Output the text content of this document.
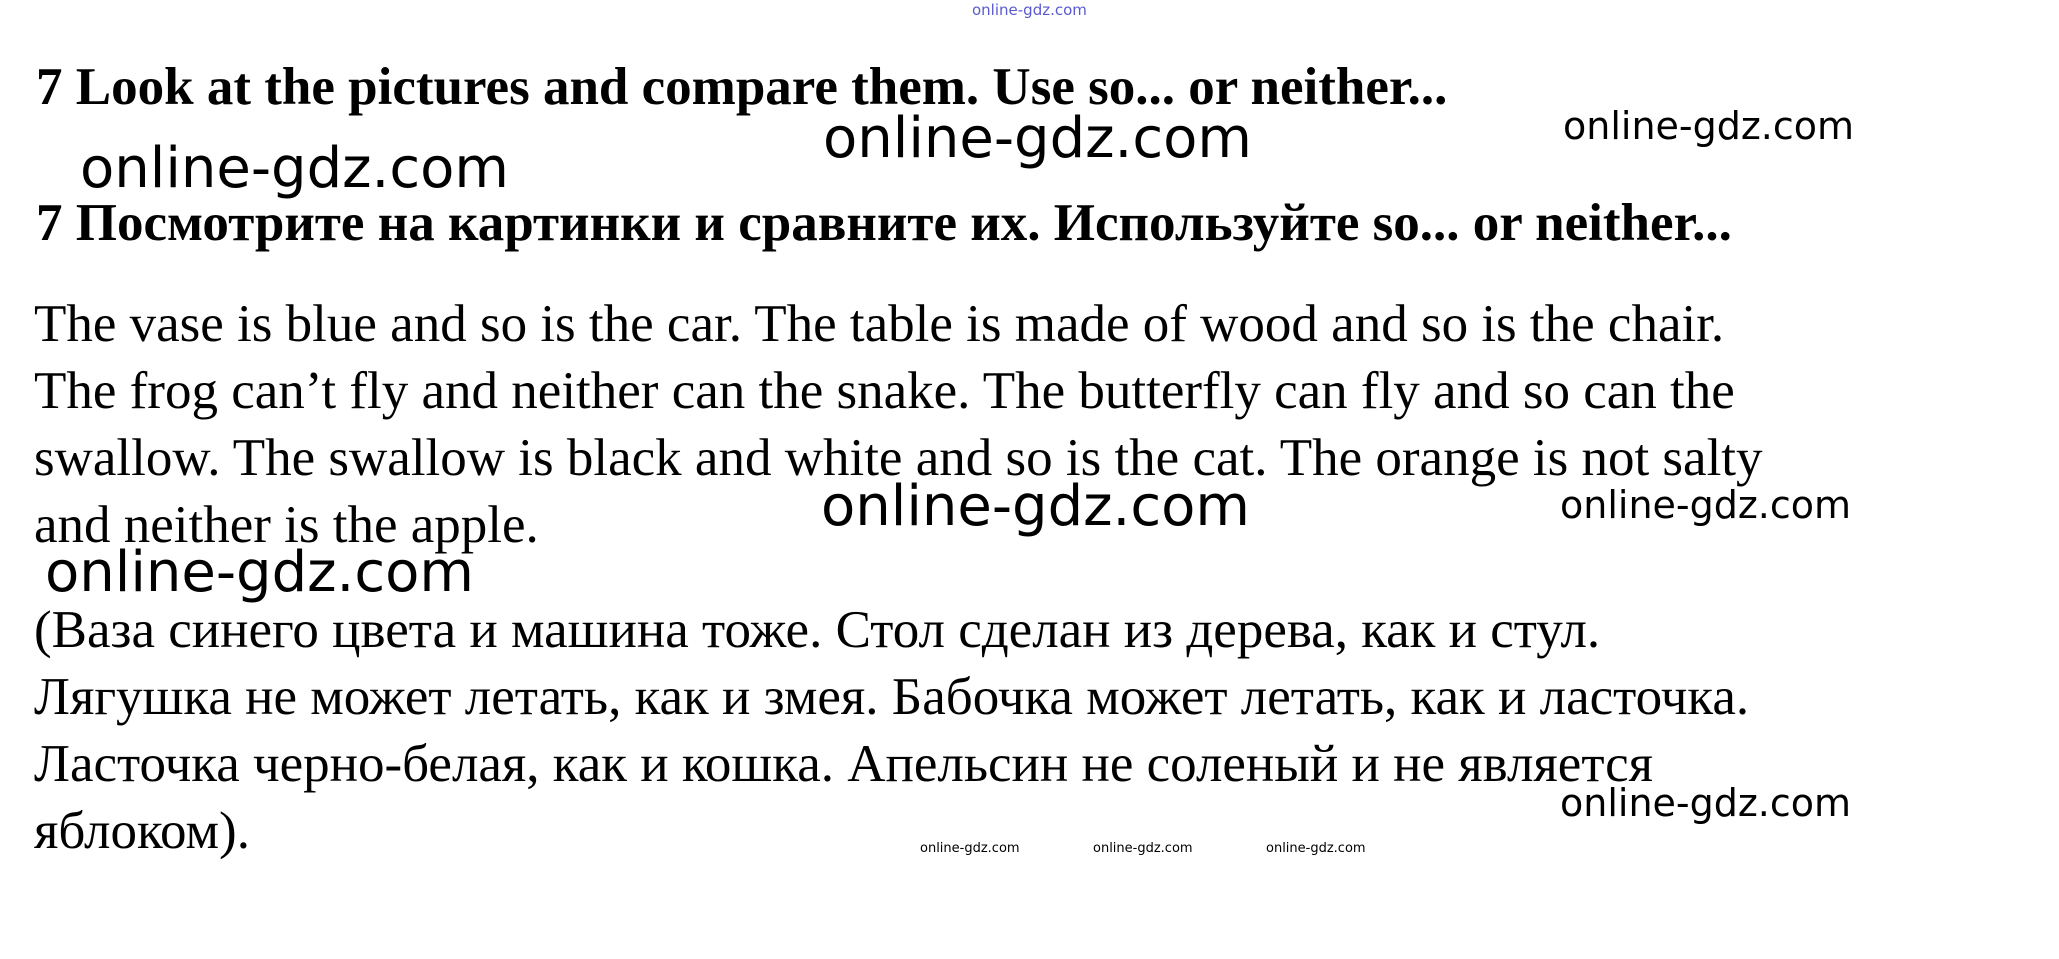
online-gdz.com
online-gdz.com	online-gdz.com
online-gdz.com
online-gdz.com	online-gdz.com
online-gdz.com
online-gdz.com
online-gdz.com	online-gdz.com	online-gdz.com
7 Look at the pictures and compare them. Use so... or neither...
7 Посмотрите на картинки и сравните их. Используйте so... or neither...
The vase is blue and so is the car. The table is made of wood and so is the chair.
The frog can’t fly and neither can the snake. The butterfly can fly and so can the
swallow. The swallow is black and white and so is the cat. The orange is not salty
and neither is the apple.
(Ваза синего цвета и машина тоже. Стол сделан из дерева, как и стул.
Лягушка не может летать, как и змея. Бабочка может летать, как и ласточка.
Ласточка черно-белая, как и кошка. Апельсин не соленый и не является
яблоком).
